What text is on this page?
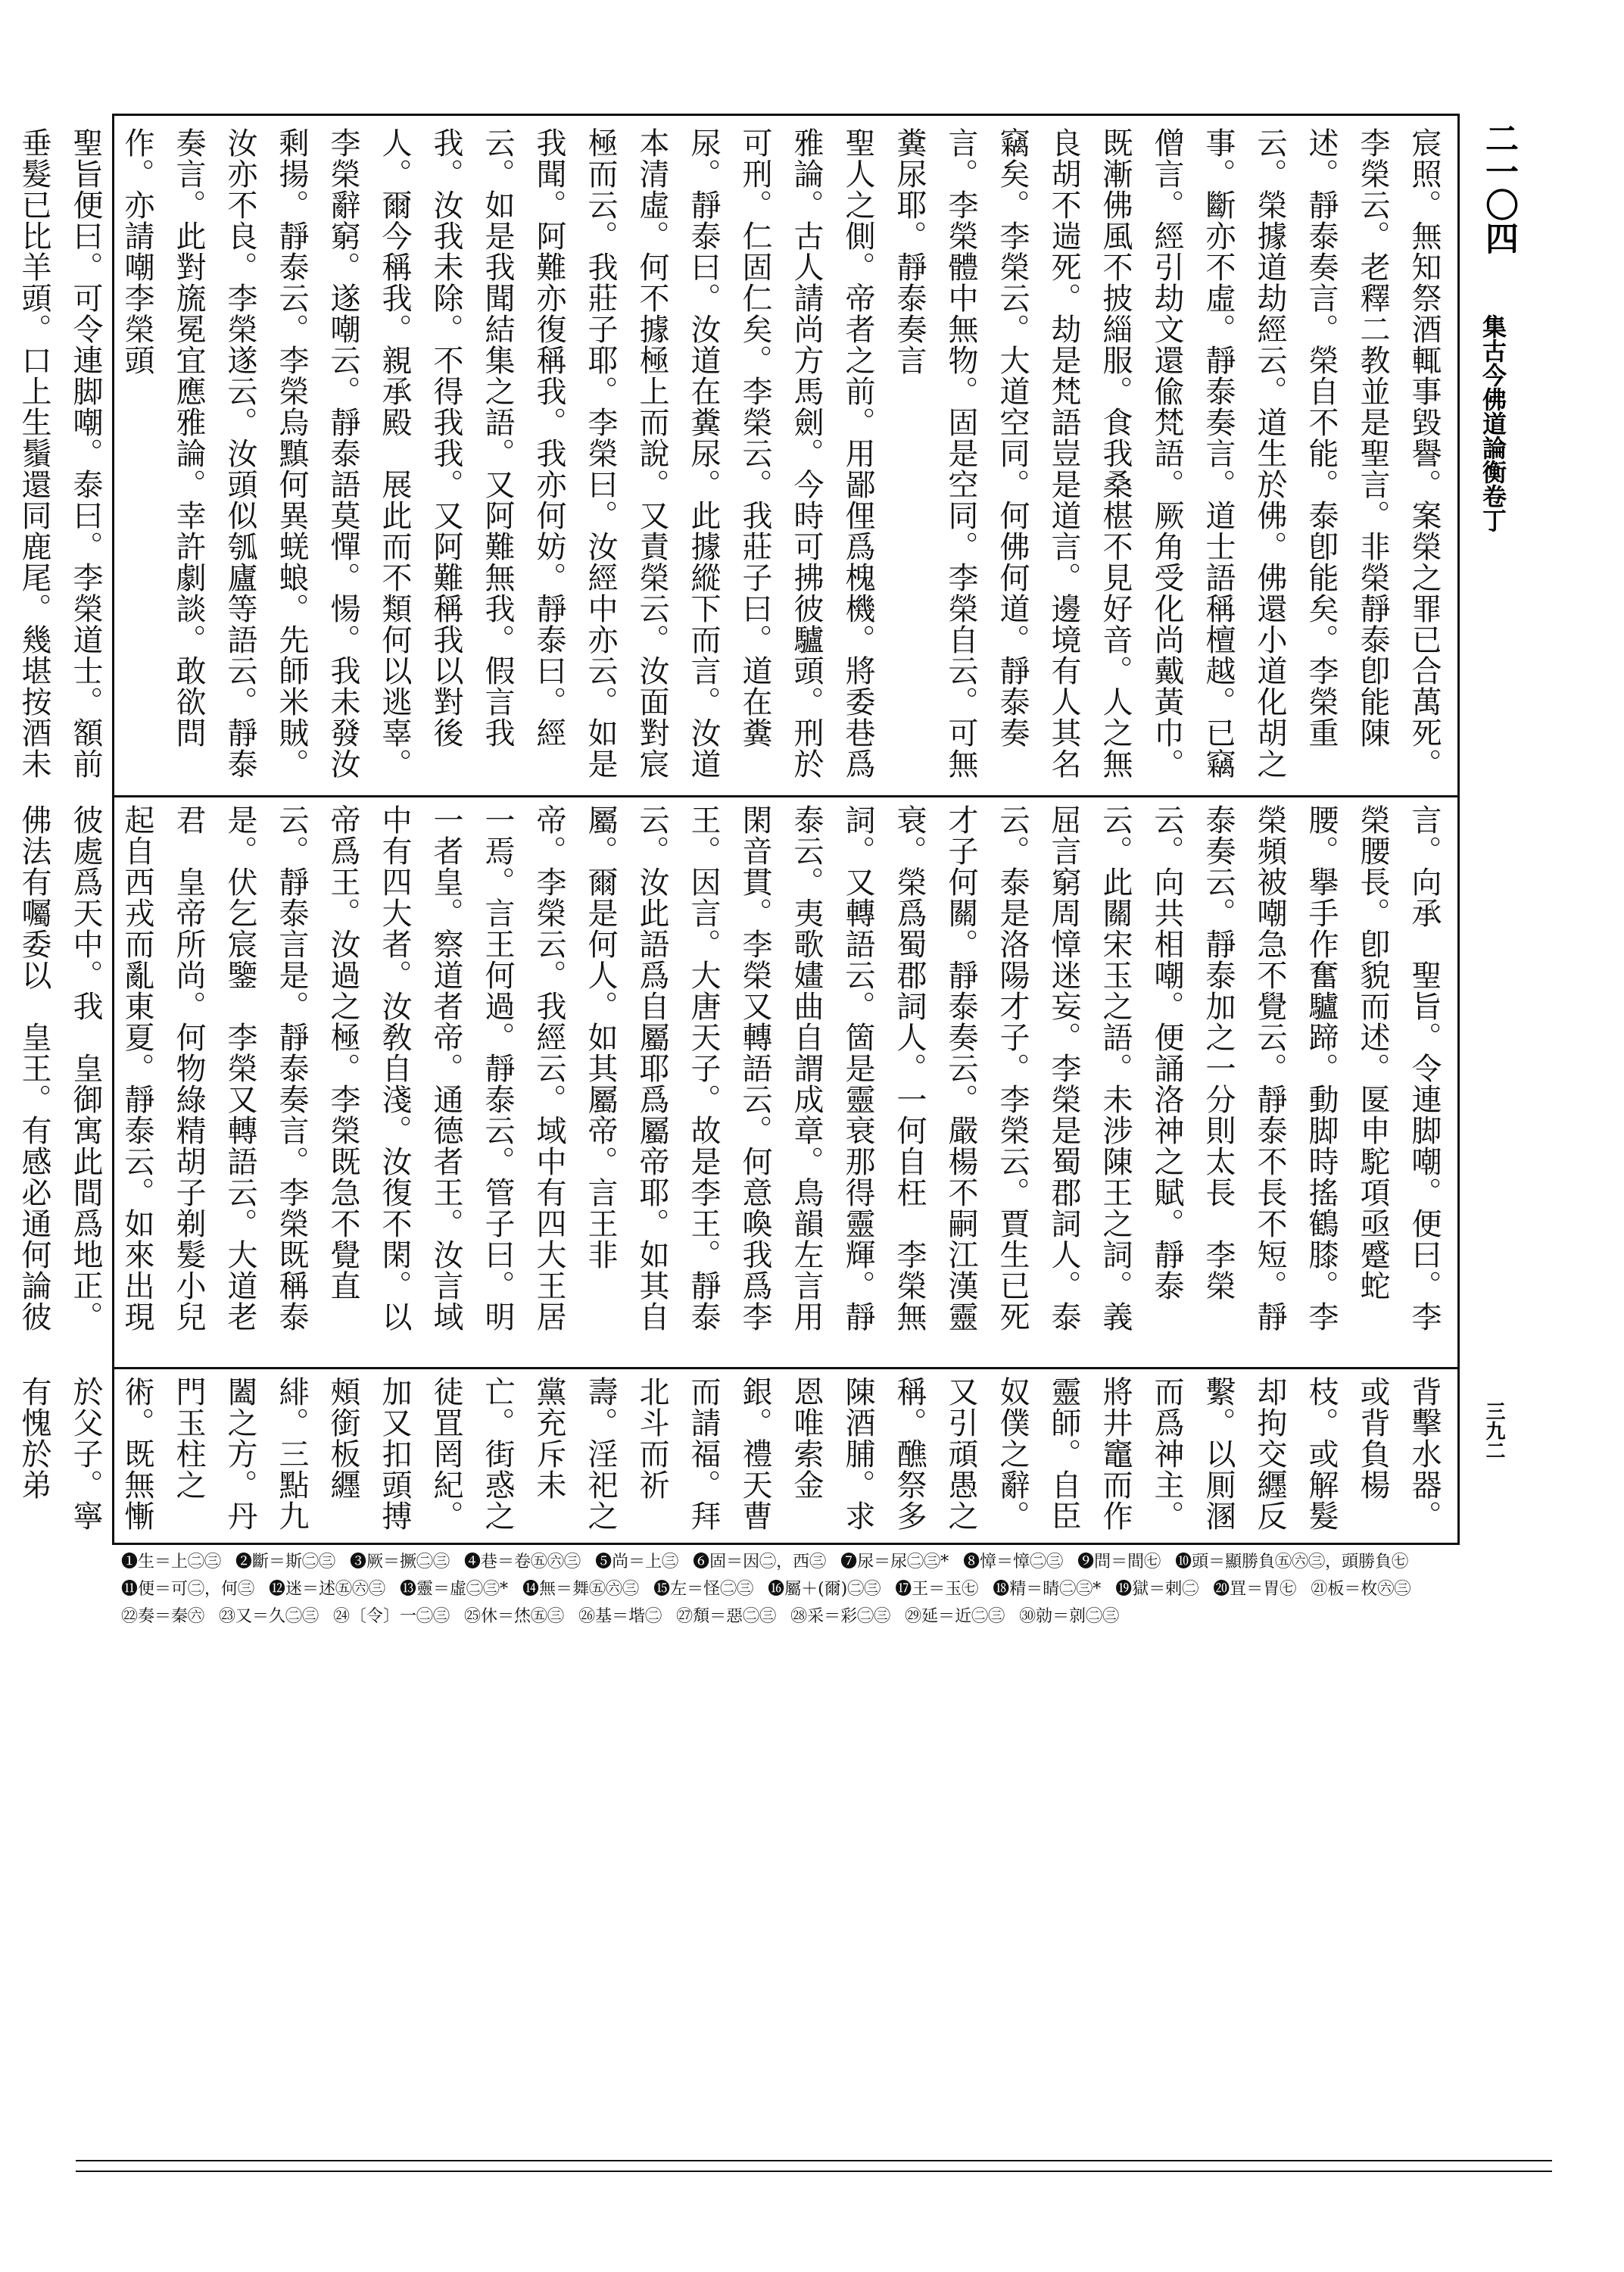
二一〇四
集古今佛道論衡卷丁
三九二

宸照。無知祭酒輒事毀譽。案榮之罪已合萬死。李榮云。老釋二教並是聖言。非榮靜泰卽能陳述。靜泰奏言。榮自不能。泰卽能矣。李榮重云。榮據道劫經云。道生於佛。佛還小道化胡之事。斷亦不虛。靜泰奏言。道士語稱檀越。已竊僧言。經引劫文還偸梵語。厥角受化尚戴黃巾。既漸佛風不披緇服。食我桑椹不見好音。人之無良胡不遄死。劫是梵語豈是道言。邊境有人其名竊矣。李榮云。大道空同。何佛何道。靜泰奏言。李榮體中無物。固是空同。李榮自云。可無糞尿耶。靜泰奏言

聖人之側。帝者之前。用鄙俚爲槐機。將委巷爲雅論。古人請尚方馬劍。今時可拂彼驢頭。刑於可刑。仁固仁矣。李榮云。我莊子曰。道在糞尿。靜泰曰。汝道在糞尿。此據縱下而言。汝道本清虛。何不據極上而說。又責榮云。汝面對宸極而云。我莊子耶。李榮曰。汝經中亦云。如是我聞。阿難亦復稱我。我亦何妨。靜泰曰。經云。如是我聞結集之語。又阿難無我。假言我我。汝我未除。不得我我。又阿難稱我以對後人。爾今稱我。親承殿　展此而不類何以逃辜。李榮辭窮。遂嘲云。靜泰語莫憚。愓。我未發汝剩揚。靜泰云。李榮烏黰何異蜣蜋。先師米賊。汝亦不良。李榮遂云。汝頭似瓠廬等語云。靜泰奏言。此對旒冕宜應雅論。幸許劇談。敢欲問作。亦請嘲李榮頭

聖旨便曰。可令連脚嘲。泰曰。李榮道士。額前垂髮已比羊頭。口上生鬚還同鹿尾。幾堪按酒未

言。向承　聖旨。令連脚嘲。便曰。李榮腰長。卽貌而述。匽申駝項亟蹙蛇腰。擧手作奮驢蹄。動脚時搖鶴膝。李榮頻被嘲急不覺云。靜泰不長不短。靜泰奏云。靜泰加之一分則太長　李榮云。向共相嘲。便誦洛神之賦。靜泰云。此關宋玉之語。未涉陳王之詞。義屈言窮周慞迷妄。李榮是蜀郡詞人。泰云。泰是洛陽才子。李榮云。賈生已死才子何關。靜泰奏云。嚴楊不嗣江漢靈衰。榮爲蜀郡詞人。一何自枉　李榮無詞。又轉語云。箇是靈衰那得靈輝。靜泰云。夷歌嫿曲自謂成章。鳥韻左言用閑音貫。李榮又轉語云。何意喚我爲李王。因言。大唐天子。故是李王。靜泰云。汝此語爲自屬耶爲屬帝耶。如其自屬。爾是何人。如其屬帝。言王非　帝。李榮云。我經云。域中有四大王居一焉。言王何過。靜泰云。管子曰。明一者皇。察道者帝。通德者王。汝言域中有四大者。汝敎自淺。汝復不閑。以帝爲王。汝過之極。李榮既急不覺直云。靜泰言是。靜泰奏言。李榮既稱泰是。伏乞宸鑒　李榮又轉語云。大道老君　皇帝所尚。何物綠精胡子剃髮小兒起自西戎而亂東夏。靜泰云。如來出現彼處爲天中。我　皇御寓此間爲地正。佛法有囑委以　皇王。有感必通何論彼

背擊水器。或背負楊枝。或解髮却拘交纒反繫。以厠溷而爲神主。將井竈而作靈師。自臣奴僕之辭。又引頑愚之稱。醮祭多陳酒脯。求恩唯索金銀。禮天曹而請福。拜北斗而祈壽。淫祀之黨充斥未亡。街惑之徒罝罔紀。加又扣頭搏頰銜板纒緋。三點九闔之方。丹門玉柱之術。既無慚於父子。寧有愧於弟　　　　　

❶生＝上㊁㊂ ❷斷＝斯㊁㊂ ❸厥＝撅㊁㊂ ❹巷＝卷㊄㊅㊂ ❺尚＝上㊂ ❻固＝因㊁，西㊂ ❼尿＝尿㊁㊂* ❽慞＝慞㊁㊂ ❾問＝間㊆ ❿頭＝顯勝負㊄㊅㊂，頭勝負㊆ ⓫便＝可㊁，何㊂ ⓬迷＝述㊄㊅㊂ ⓭靈＝虛㊁㊂* ⓮無＝舞㊄㊅㊂ ⓯左＝怪㊁㊂ ⓰屬＋(爾)㊁㊂ ⓱王＝玉㊆ ⓲精＝睛㊁㊂* ⓳獄＝剌㊁ ⓴罝＝胃㊆ ㉑板＝枚㊅㊂ ㉒奏＝秦㊅ ㉓又＝久㊁㊂ ㉔〔令〕一㊁㊂ ㉕休＝烋㊄㊂ ㉖基＝堦㊁ ㉗頽＝惡㊁㊂ ㉘采＝彩㊁㊂ ㉙延＝近㊁㊂ ㉚勍＝剠㊁㊂
